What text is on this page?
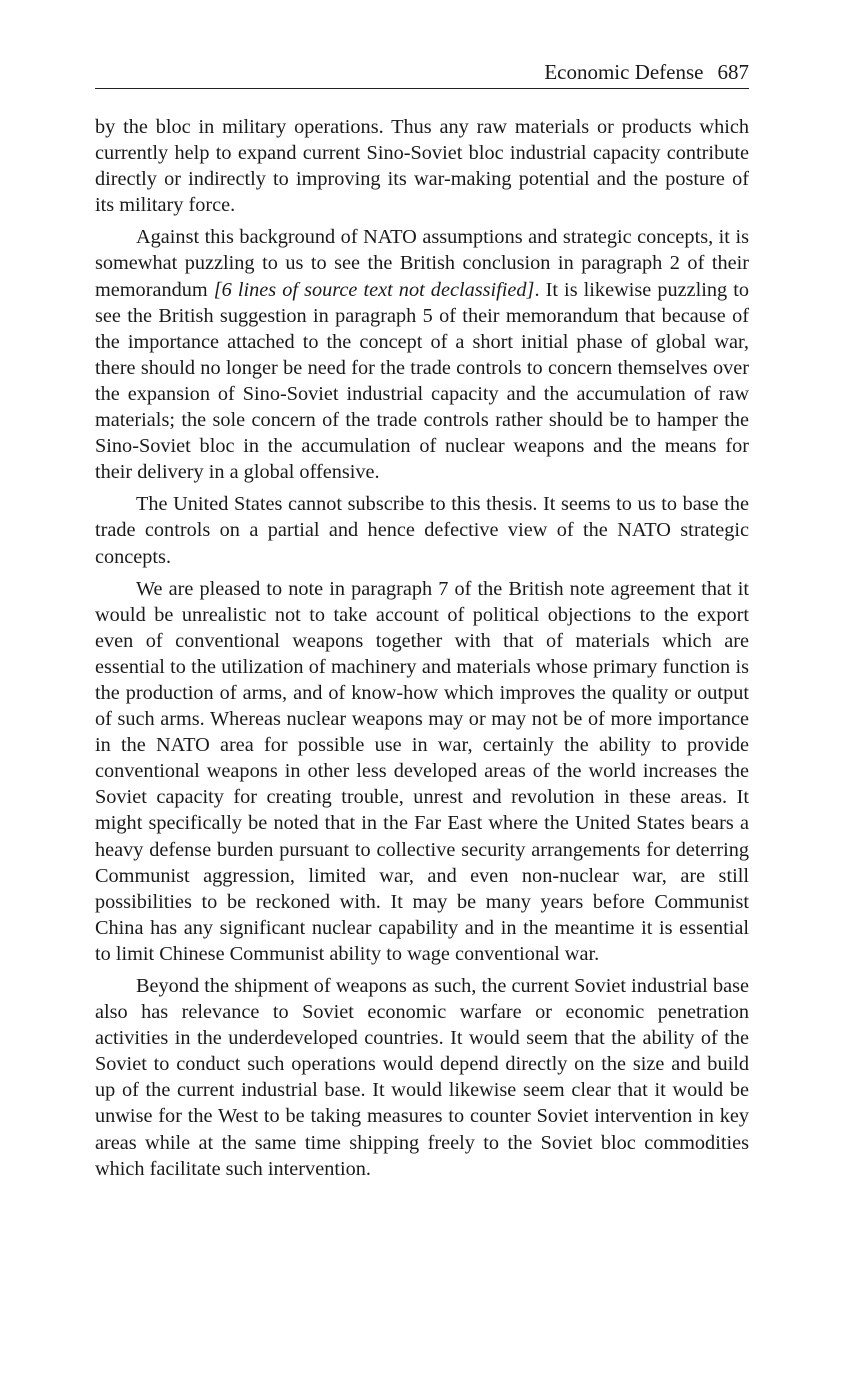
Economic Defense 687

by the bloc in military operations. Thus any raw materials or products which currently help to expand current Sino-Soviet bloc industrial capacity contribute directly or indirectly to improving its war-making potential and the posture of its military force.

Against this background of NATO assumptions and strategic concepts, it is somewhat puzzling to us to see the British conclusion in paragraph 2 of their memorandum [6 lines of source text not declassified]. It is likewise puzzling to see the British suggestion in paragraph 5 of their memorandum that because of the importance attached to the concept of a short initial phase of global war, there should no longer be need for the trade controls to concern themselves over the expansion of Sino-Soviet industrial capacity and the accumulation of raw materials; the sole concern of the trade controls rather should be to hamper the Sino-Soviet bloc in the accumulation of nuclear weapons and the means for their delivery in a global offensive.

The United States cannot subscribe to this thesis. It seems to us to base the trade controls on a partial and hence defective view of the NATO strategic concepts.

We are pleased to note in paragraph 7 of the British note agreement that it would be unrealistic not to take account of political objections to the export even of conventional weapons together with that of materials which are essential to the utilization of machinery and materials whose primary function is the production of arms, and of know-how which improves the quality or output of such arms. Whereas nuclear weapons may or may not be of more importance in the NATO area for possible use in war, certainly the ability to provide conventional weapons in other less developed areas of the world increases the Soviet capacity for creating trouble, unrest and revolution in these areas. It might specifically be noted that in the Far East where the United States bears a heavy defense burden pursuant to collective security arrangements for deterring Communist aggression, limited war, and even non-nuclear war, are still possibilities to be reckoned with. It may be many years before Communist China has any significant nuclear capability and in the meantime it is essential to limit Chinese Communist ability to wage conventional war.

Beyond the shipment of weapons as such, the current Soviet industrial base also has relevance to Soviet economic warfare or economic penetration activities in the underdeveloped countries. It would seem that the ability of the Soviet to conduct such operations would depend directly on the size and build up of the current industrial base. It would likewise seem clear that it would be unwise for the West to be taking measures to counter Soviet intervention in key areas while at the same time shipping freely to the Soviet bloc commodities which facilitate such intervention.
